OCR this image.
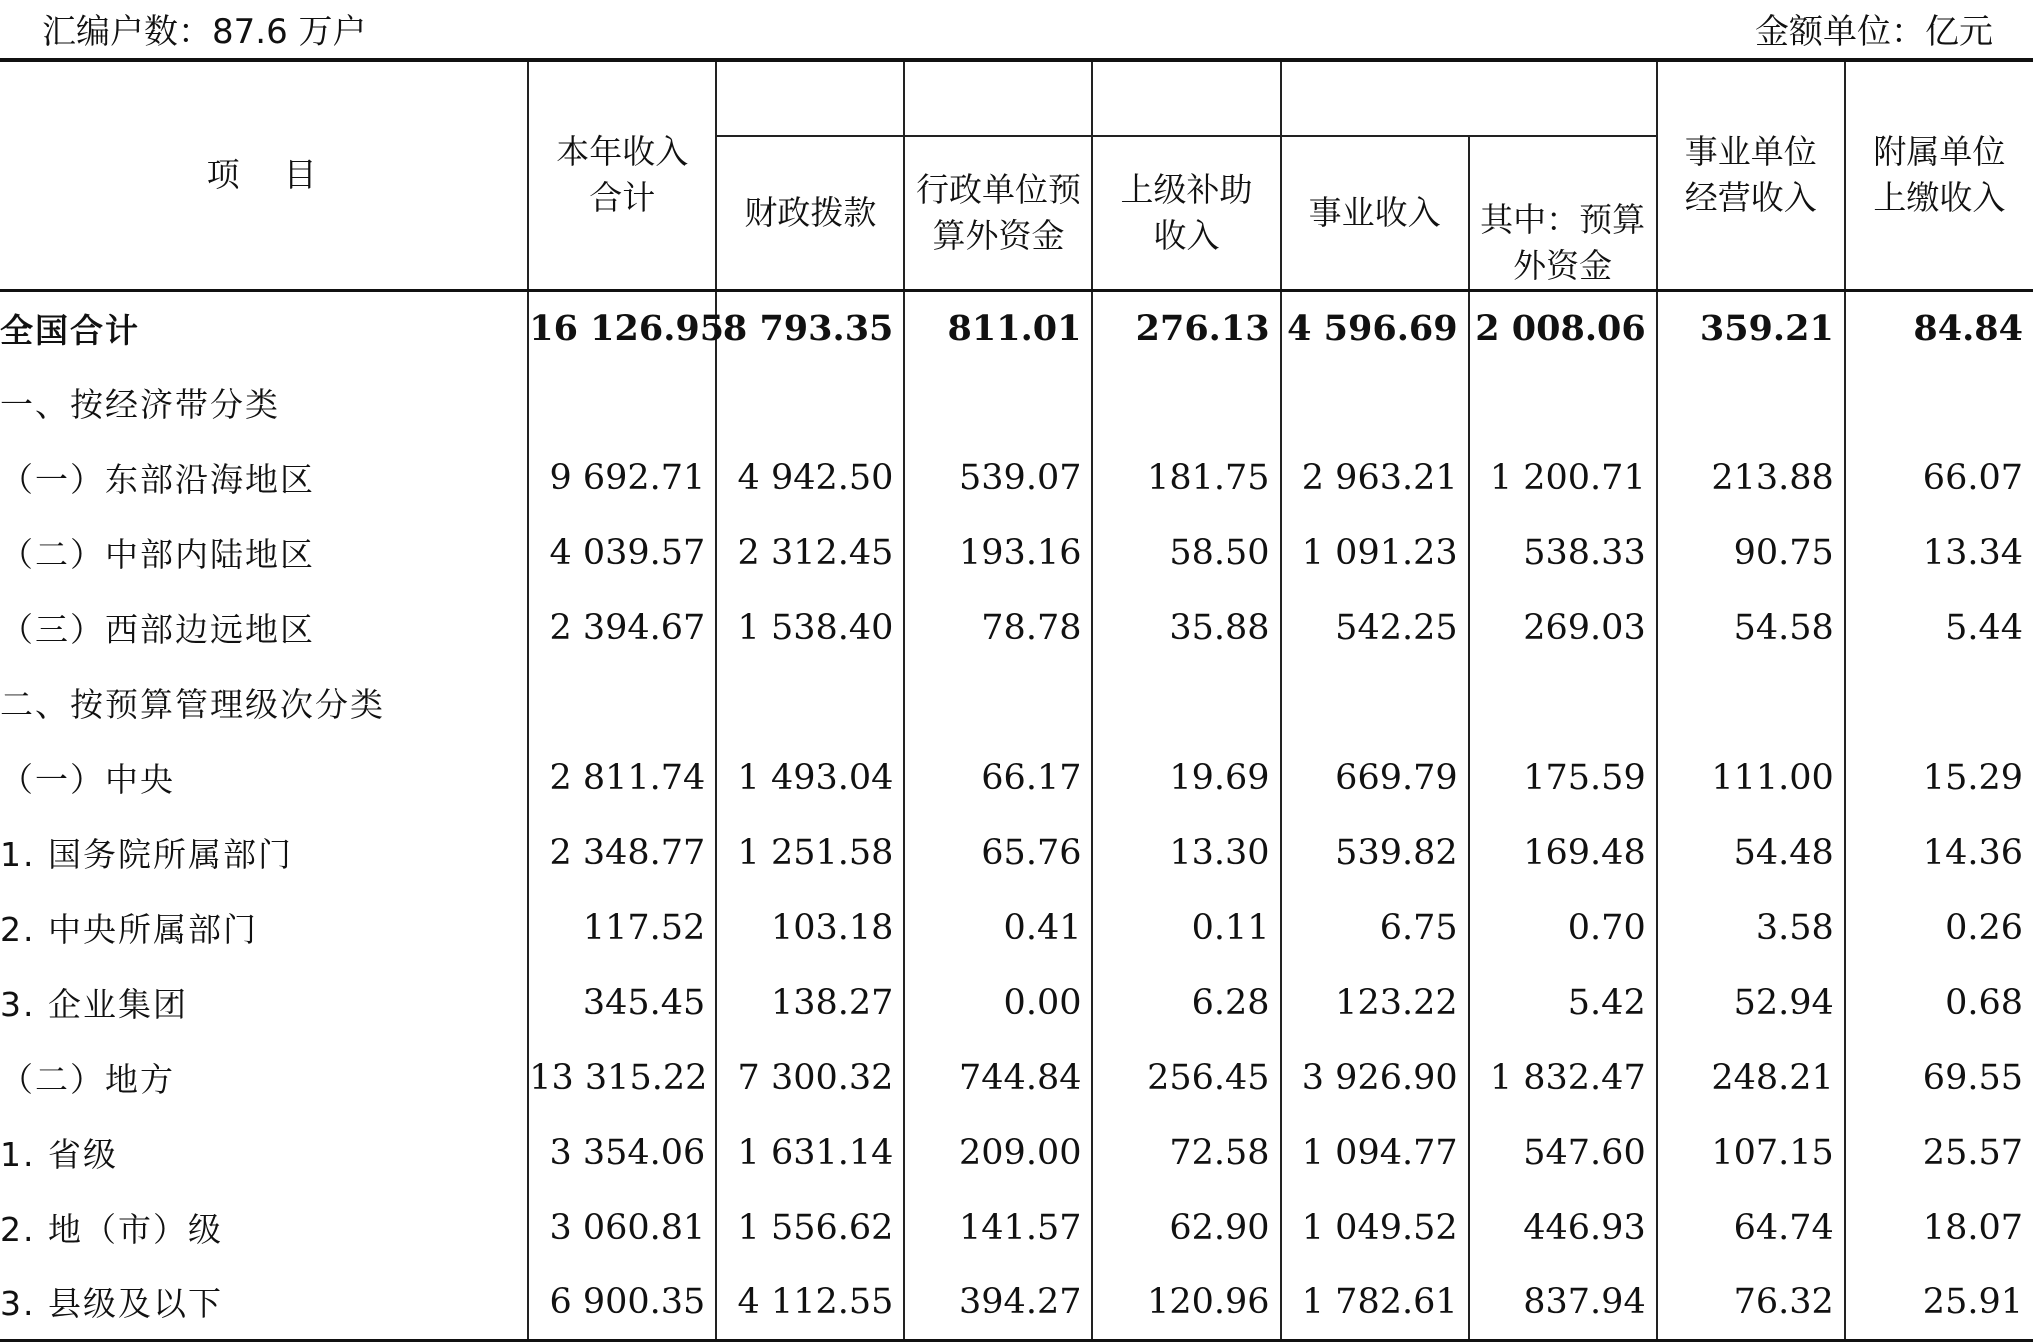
汇编户数：87.6 万户	金额单位：亿元
项目	本年收入合计						事业单位经营收入	附属单位上缴收入

		财政拨款	行政单位预算外资金	上级补助收入	事业收入	其中：预算外资金		

全国合计	16 126.95	8 793.35	811.01	276.13	4 596.69	2 008.06	359.21	84.84
一、按经济带分类								
（一）东部沿海地区	9 692.71	4 942.50	539.07	181.75	2 963.21	1 200.71	213.88	66.07
（二）中部内陆地区	4 039.57	2 312.45	193.16	58.50	1 091.23	538.33	90.75	13.34
（三）西部边远地区	2 394.67	1 538.40	78.78	35.88	542.25	269.03	54.58	5.44
二、按预算管理级次分类								
（一）中央	2 811.74	1 493.04	66.17	19.69	669.79	175.59	111.00	15.29
1. 国务院所属部门	2 348.77	1 251.58	65.76	13.30	539.82	169.48	54.48	14.36
2. 中央所属部门	117.52	103.18	0.41	0.11	6.75	0.70	3.58	0.26
3. 企业集团	345.45	138.27	0.00	6.28	123.22	5.42	52.94	0.68
（二）地方	13 315.22	7 300.32	744.84	256.45	3 926.90	1 832.47	248.21	69.55
1. 省级	3 354.06	1 631.14	209.00	72.58	1 094.77	547.60	107.15	25.57
2. 地（市）级	3 060.81	1 556.62	141.57	62.90	1 049.52	446.93	64.74	18.07
3. 县级及以下	6 900.35	4 112.55	394.27	120.96	1 782.61	837.94	76.32	25.91
